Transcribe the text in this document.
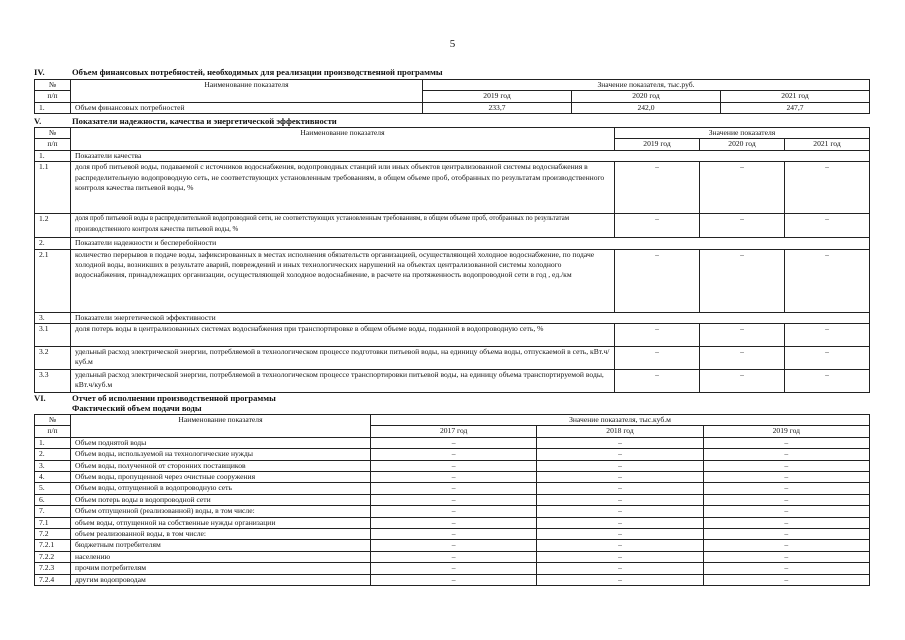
5
IV.	Объем финансовых потребностей, необходимых для реализации производственной программы
№	Наименование показателя	Значение показателя, тыс.руб.		
п/п		2019 год	2020 год	2021 год
1.	Объем финансовых потребностей	233,7	242,0	247,7
V.	Показатели надежности, качества и энергетической эффективности
№	Наименование показателя	Значение показателя		
п/п		2019 год	2020 год	2021 год
1.	Показатели качества			
1.1	доля проб питьевой воды, подаваемой с источников водоснабжения, водопроводных станций или иных объектов централизованной системы водоснабжения в распределительную водопроводную сеть, не соответствующих установленным требованиям, в общем объеме проб, отобранных по результатам производственного контроля качества питьевой воды, %	–	–	–
1.2	доля проб питьевой воды в распределительной водопроводной сети, не соответствующих установленным требованиям, в общем объеме проб, отобранных по результатам производственного контроля качества питьевой воды, %	–	–	–
2.	Показатели надежности и бесперебойности			
2.1	количество перерывов в подаче воды, зафиксированных в местах исполнения обязательств организацией, осуществляющей холодное водоснабжение, по подаче холодной воды, возникших в результате аварий, повреждений и иных технологических нарушений на объектах централизованной системы холодного водоснабжения, принадлежащих организации, осуществляющей холодное водоснабжение, в расчете на протяженность водопроводной сети в год , ед./км	–	–	–
3.	Показатели энергетической эффективности			
3.1	доля потерь воды в централизованных системах водоснабжения при транспортировке в общем объеме воды, поданной в водопроводную сеть, %	–	–	–
3.2	удельный расход электрической энергии, потребляемой в технологическом процессе подготовки питьевой воды, на единицу объема воды, отпускаемой в сеть, кВт.ч/куб.м	–	–	–
3.3	удельный расход электрической энергии, потребляемой в технологическом процессе транспортировки питьевой воды, на единицу объема транспортируемой воды, кВт.ч/куб.м	–	–	–
VI.	Отчет об исполнении производственной программы
Фактический объем подачи воды
№	Наименование показателя	Значение показателя, тыс.куб.м		
п/п		2017 год	2018 год	2019 год
1.	Объем поднятой воды	–	–	–
2.	Объем воды, используемой на технологические нужды	–	–	–
3.	Объем воды, полученной от сторонних поставщиков	–	–	–
4.	Объем воды, пропущенной через очистные сооружения	–	–	–
5.	Объем воды, отпущенной в водопроводную сеть	–	–	–
6.	Объем потерь воды в водопроводной сети	–	–	–
7.	Объем отпущенной (реализованной) воды, в том числе:	–	–	–
7.1	объем воды, отпущенной на собственные нужды организации	–	–	–
7.2	объем реализованной воды, в том числе:	–	–	–
7.2.1	бюджетным потребителям	–	–	–
7.2.2	населению	–	–	–
7.2.3	прочим потребителям	–	–	–
7.2.4	другим водопроводам	–	–	–
